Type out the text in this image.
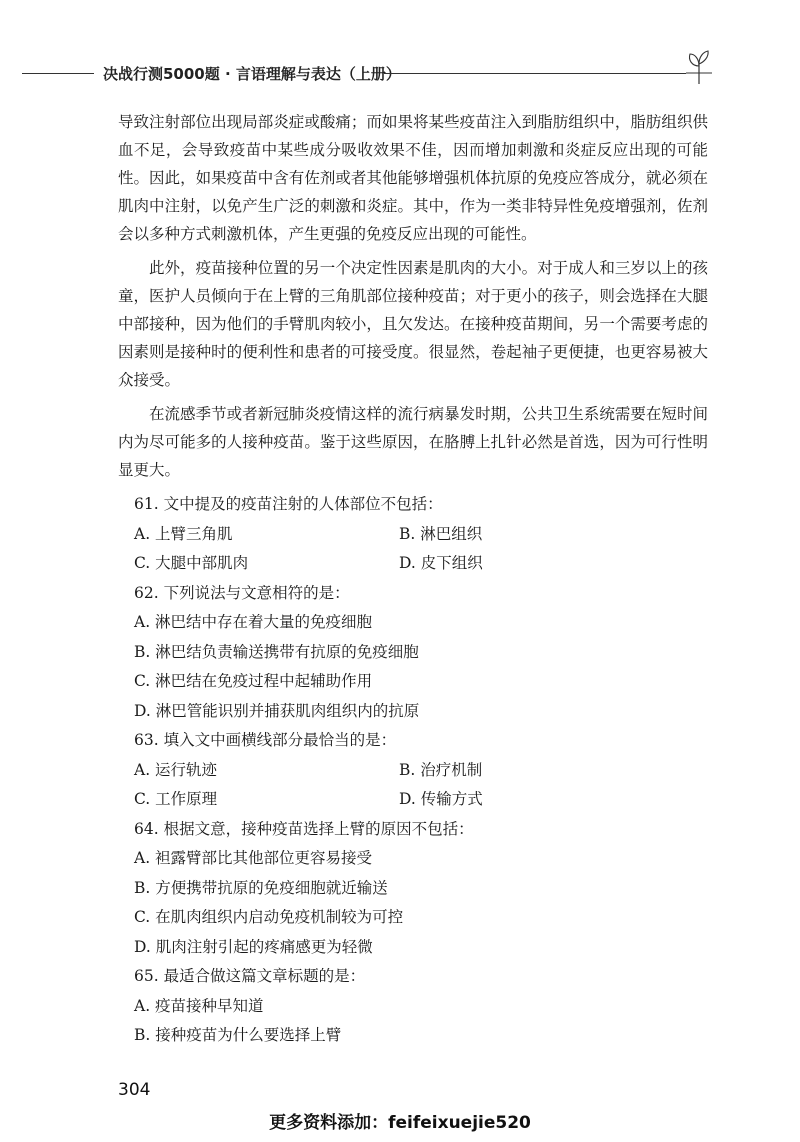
决战行测5000题 · 言语理解与表达（上册）

导致注射部位出现局部炎症或酸痛；而如果将某些疫苗注入到脂肪组织中，脂肪组织供血不足，会导致疫苗中某些成分吸收效果不佳，因而增加刺激和炎症反应出现的可能性。因此，如果疫苗中含有佐剂或者其他能够增强机体抗原的免疫应答成分，就必须在肌肉中注射，以免产生广泛的刺激和炎症。其中，作为一类非特异性免疫增强剂，佐剂会以多种方式刺激机体，产生更强的免疫反应出现的可能性。

此外，疫苗接种位置的另一个决定性因素是肌肉的大小。对于成人和三岁以上的孩童，医护人员倾向于在上臂的三角肌部位接种疫苗；对于更小的孩子，则会选择在大腿中部接种，因为他们的手臂肌肉较小，且欠发达。在接种疫苗期间，另一个需要考虑的因素则是接种时的便利性和患者的可接受度。很显然，卷起袖子更便捷，也更容易被大众接受。

在流感季节或者新冠肺炎疫情这样的流行病暴发时期，公共卫生系统需要在短时间内为尽可能多的人接种疫苗。鉴于这些原因，在胳膊上扎针必然是首选，因为可行性明显更大。

61. 文中提及的疫苗注射的人体部位不包括：
A. 上臂三角肌	B. 淋巴组织
C. 大腿中部肌肉	D. 皮下组织
62. 下列说法与文意相符的是：
A. 淋巴结中存在着大量的免疫细胞
B. 淋巴结负责输送携带有抗原的免疫细胞
C. 淋巴结在免疫过程中起辅助作用
D. 淋巴管能识别并捕获肌肉组织内的抗原
63. 填入文中画横线部分最恰当的是：
A. 运行轨迹	B. 治疗机制
C. 工作原理	D. 传输方式
64. 根据文意，接种疫苗选择上臂的原因不包括：
A. 袒露臂部比其他部位更容易接受
B. 方便携带抗原的免疫细胞就近输送
C. 在肌肉组织内启动免疫机制较为可控
D. 肌肉注射引起的疼痛感更为轻微
65. 最适合做这篇文章标题的是：
A. 疫苗接种早知道
B. 接种疫苗为什么要选择上臂
304
更多资料添加：feifeixuejie520
